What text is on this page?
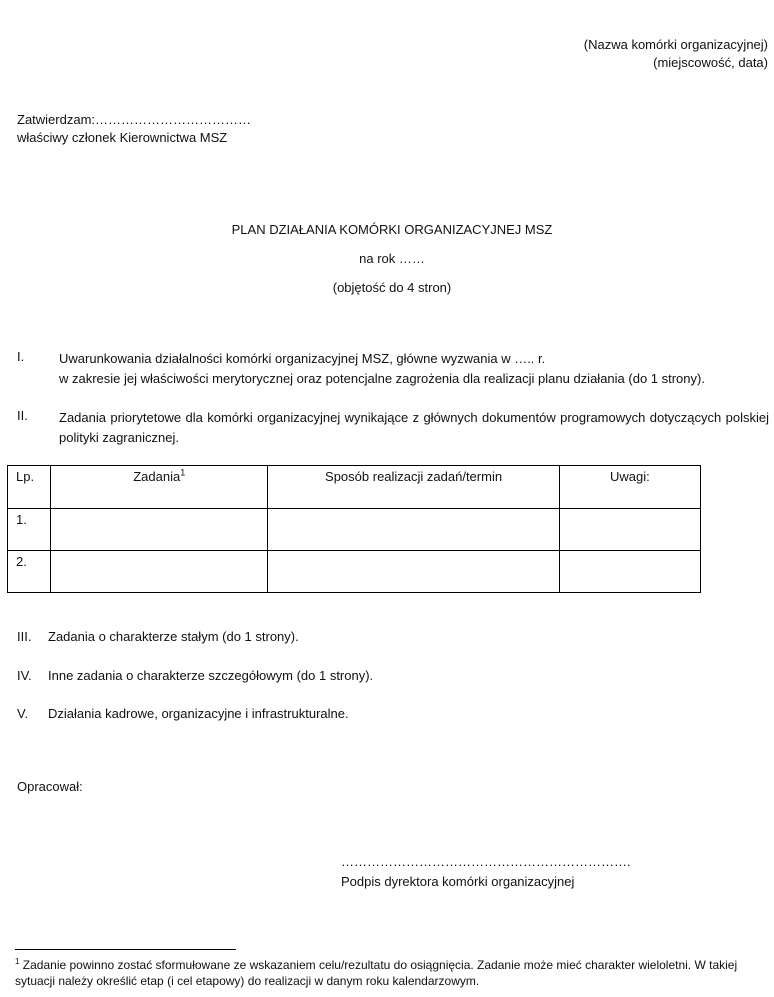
(Nazwa komórki organizacyjnej)
(miejscowość, data)
Zatwierdzam:………………………………
właściwy członek Kierownictwa MSZ
PLAN DZIAŁANIA KOMÓRKI ORGANIZACYJNEJ MSZ
na rok ……
(objętość do 4 stron)
I.	Uwarunkowania działalności komórki organizacyjnej MSZ, główne wyzwania w ….. r.
w zakresie jej właściwości merytorycznej oraz potencjalne zagrożenia dla realizacji planu działania (do 1 strony).
II. Zadania priorytetowe dla komórki organizacyjnej wynikające z głównych dokumentów programowych dotyczących polskiej polityki zagranicznej.
Lp.	Zadania$^1$	Sposób realizacji zadań/termin	Uwagi:
1.			
2.			
III. Zadania o charakterze stałym (do 1 strony).
IV. Inne zadania o charakterze szczegółowym (do 1 strony).
V. Działania kadrowe, organizacyjne i infrastrukturalne.
Opracował:
………………………………………………………….
Podpis dyrektora komórki organizacyjnej
$^1$ Zadanie powinno zostać sformułowane ze wskazaniem celu/rezultatu do osiągnięcia. Zadanie może mieć charakter wieloletni. W takiej sytuacji należy określić etap (i cel etapowy) do realizacji w danym roku kalendarzowym.
